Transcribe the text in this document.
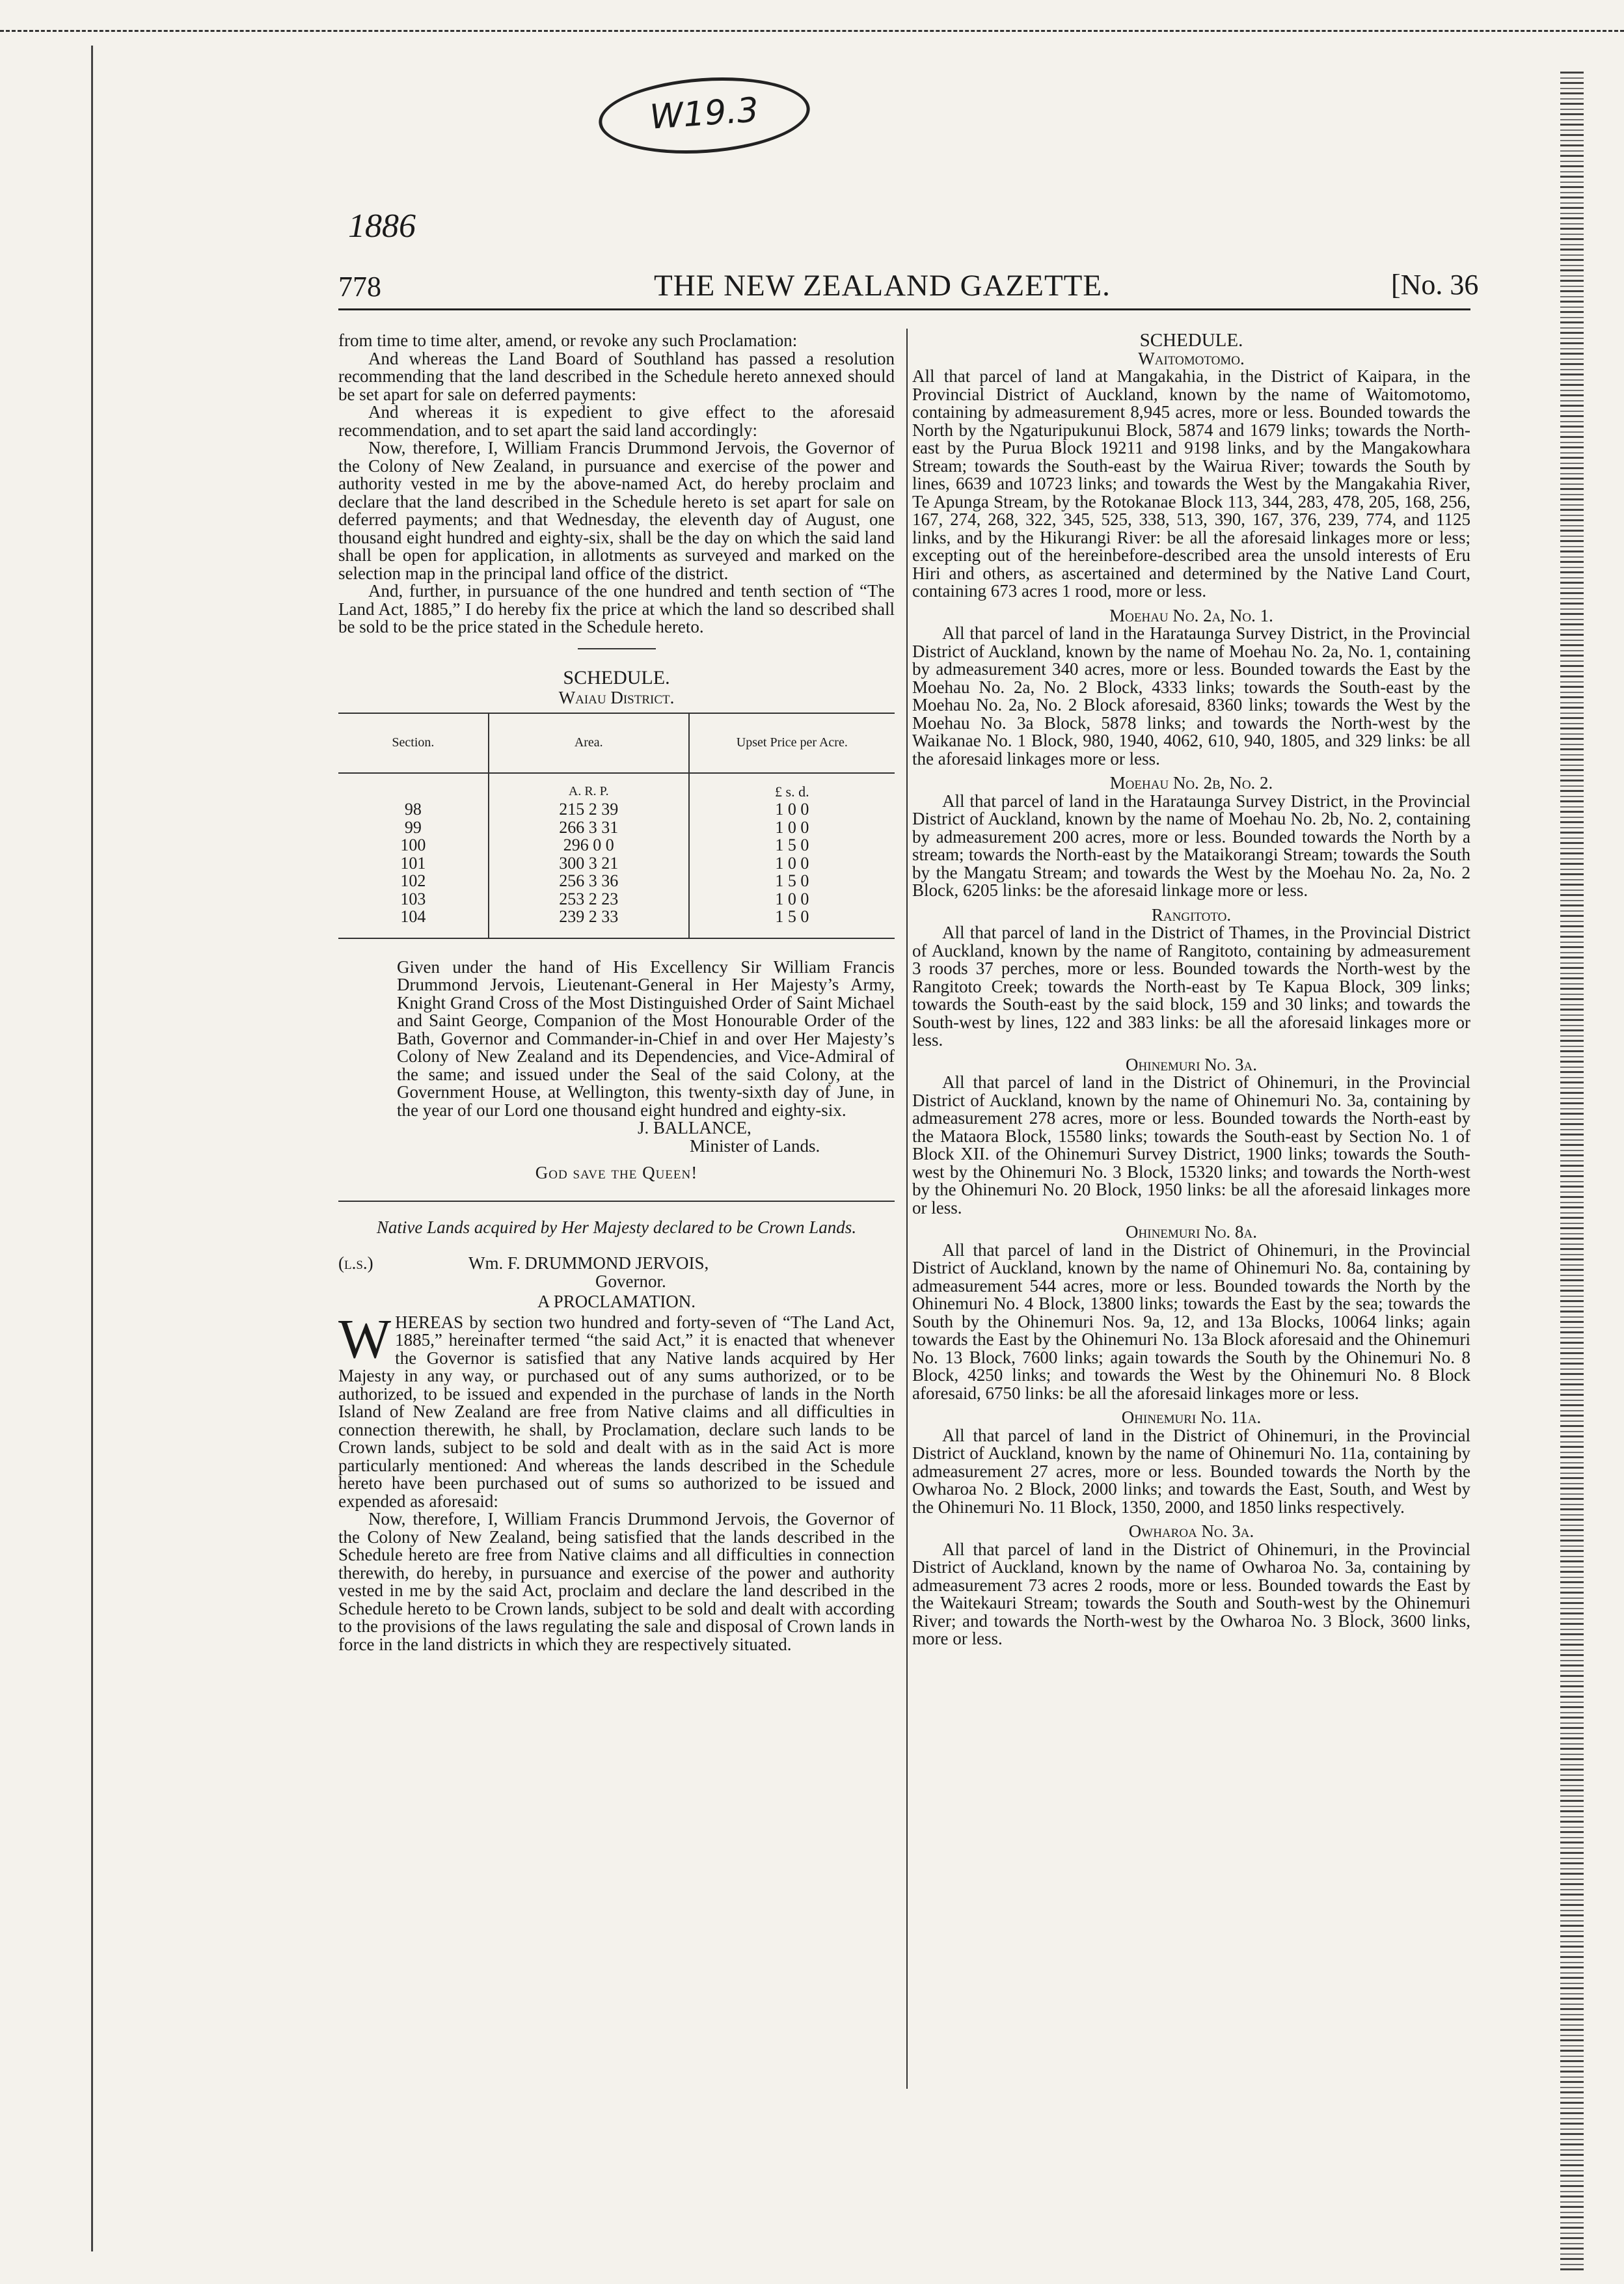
W19.3
1886
778	THE NEW ZEALAND GAZETTE.	[No. 36

from time to time alter, amend, or revoke any such Proclamation:

And whereas the Land Board of Southland has passed a resolution recommending that the land described in the Schedule hereto annexed should be set apart for sale on deferred payments:

And whereas it is expedient to give effect to the aforesaid recommendation, and to set apart the said land accordingly:

Now, therefore, I, William Francis Drummond Jervois, the Governor of the Colony of New Zealand, in pursuance and exercise of the power and authority vested in me by the above-named Act, do hereby proclaim and declare that the land described in the Schedule hereto is set apart for sale on deferred payments; and that Wednesday, the eleventh day of August, one thousand eight hundred and eighty-six, shall be the day on which the said land shall be open for application, in allotments as surveyed and marked on the selection map in the principal land office of the district.

And, further, in pursuance of the one hundred and tenth section of “The Land Act, 1885,” I do hereby fix the price at which the land so described shall be sold to be the price stated in the Schedule hereto.

SCHEDULE.

Waiau District.

Section.	Area.	Upset Price per Acre.
	A. R. P.	£ s. d.
98	215 2 39	1 0 0
99	266 3 31	1 0 0
100	296 0 0	1 5 0
101	300 3 21	1 0 0
102	256 3 36	1 5 0
103	253 2 23	1 0 0
104	239 2 33	1 5 0

Given under the hand of His Excellency Sir William Francis Drummond Jervois, Lieutenant-General in Her Majesty’s Army, Knight Grand Cross of the Most Distinguished Order of Saint Michael and Saint George, Companion of the Most Honourable Order of the Bath, Governor and Commander-in-Chief in and over Her Majesty’s Colony of New Zealand and its Dependencies, and Vice-Admiral of the same; and issued under the Seal of the said Colony, at the Government House, at Wellington, this twenty-sixth day of June, in the year of our Lord one thousand eight hundred and eighty-six.

J. BALLANCE,

Minister of Lands.

God save the Queen!

Native Lands acquired by Her Majesty declared to be Crown Lands.

(l.s.)	Wm. F. DRUMMOND JERVOIS,

Governor.

A PROCLAMATION.

WHEREAS by section two hundred and forty-seven of “The Land Act, 1885,” hereinafter termed “the said Act,” it is enacted that whenever the Governor is satisfied that any Native lands acquired by Her Majesty in any way, or purchased out of any sums authorized, or to be authorized, to be issued and expended in the purchase of lands in the North Island of New Zealand are free from Native claims and all difficulties in connection therewith, he shall, by Proclamation, declare such lands to be Crown lands, subject to be sold and dealt with as in the said Act is more particularly mentioned: And whereas the lands described in the Schedule hereto have been purchased out of sums so authorized to be issued and expended as aforesaid:

Now, therefore, I, William Francis Drummond Jervois, the Governor of the Colony of New Zealand, being satisfied that the lands described in the Schedule hereto are free from Native claims and all difficulties in connection therewith, do hereby, in pursuance and exercise of the power and authority vested in me by the said Act, proclaim and declare the land described in the Schedule hereto to be Crown lands, subject to be sold and dealt with according to the provisions of the laws regulating the sale and disposal of Crown lands in force in the land districts in which they are respectively situated.

SCHEDULE.

Waitomotomo.

All that parcel of land at Mangakahia, in the District of Kaipara, in the Provincial District of Auckland, known by the name of Waitomotomo, containing by admeasurement 8,945 acres, more or less. Bounded towards the North by the Ngaturipukunui Block, 5874 and 1679 links; towards the North-east by the Purua Block 19211 and 9198 links, and by the Mangakowhara Stream; towards the South-east by the Wairua River; towards the South by lines, 6639 and 10723 links; and towards the West by the Mangakahia River, Te Apunga Stream, by the Rotokanae Block 113, 344, 283, 478, 205, 168, 256, 167, 274, 268, 322, 345, 525, 338, 513, 390, 167, 376, 239, 774, and 1125 links, and by the Hikurangi River: be all the aforesaid linkages more or less; excepting out of the hereinbefore-described area the unsold interests of Eru Hiri and others, as ascertained and determined by the Native Land Court, containing 673 acres 1 rood, more or less.

Moehau No. 2a, No. 1.

All that parcel of land in the Harataunga Survey District, in the Provincial District of Auckland, known by the name of Moehau No. 2a, No. 1, containing by admeasurement 340 acres, more or less. Bounded towards the East by the Moehau No. 2a, No. 2 Block, 4333 links; towards the South-east by the Moehau No. 2a, No. 2 Block aforesaid, 8360 links; towards the West by the Moehau No. 3a Block, 5878 links; and towards the North-west by the Waikanae No. 1 Block, 980, 1940, 4062, 610, 940, 1805, and 329 links: be all the aforesaid linkages more or less.

Moehau No. 2b, No. 2.

All that parcel of land in the Harataunga Survey District, in the Provincial District of Auckland, known by the name of Moehau No. 2b, No. 2, containing by admeasurement 200 acres, more or less. Bounded towards the North by a stream; towards the North-east by the Mataikorangi Stream; towards the South by the Mangatu Stream; and towards the West by the Moehau No. 2a, No. 2 Block, 6205 links: be the aforesaid linkage more or less.

Rangitoto.

All that parcel of land in the District of Thames, in the Provincial District of Auckland, known by the name of Rangitoto, containing by admeasurement 3 roods 37 perches, more or less. Bounded towards the North-west by the Rangitoto Creek; towards the North-east by Te Kapua Block, 309 links; towards the South-east by the said block, 159 and 30 links; and towards the South-west by lines, 122 and 383 links: be all the aforesaid linkages more or less.

Ohinemuri No. 3a.

All that parcel of land in the District of Ohinemuri, in the Provincial District of Auckland, known by the name of Ohinemuri No. 3a, containing by admeasurement 278 acres, more or less. Bounded towards the North-east by the Mataora Block, 15580 links; towards the South-east by Section No. 1 of Block XII. of the Ohinemuri Survey District, 1900 links; towards the South-west by the Ohinemuri No. 3 Block, 15320 links; and towards the North-west by the Ohinemuri No. 20 Block, 1950 links: be all the aforesaid linkages more or less.

Ohinemuri No. 8a.

All that parcel of land in the District of Ohinemuri, in the Provincial District of Auckland, known by the name of Ohinemuri No. 8a, containing by admeasurement 544 acres, more or less. Bounded towards the North by the Ohinemuri No. 4 Block, 13800 links; towards the East by the sea; towards the South by the Ohinemuri Nos. 9a, 12, and 13a Blocks, 10064 links; again towards the East by the Ohinemuri No. 13a Block aforesaid and the Ohinemuri No. 13 Block, 7600 links; again towards the South by the Ohinemuri No. 8 Block, 4250 links; and towards the West by the Ohinemuri No. 8 Block aforesaid, 6750 links: be all the aforesaid linkages more or less.

Ohinemuri No. 11a.

All that parcel of land in the District of Ohinemuri, in the Provincial District of Auckland, known by the name of Ohinemuri No. 11a, containing by admeasurement 27 acres, more or less. Bounded towards the North by the Owharoa No. 2 Block, 2000 links; and towards the East, South, and West by the Ohinemuri No. 11 Block, 1350, 2000, and 1850 links respectively.

Owharoa No. 3a.

All that parcel of land in the District of Ohinemuri, in the Provincial District of Auckland, known by the name of Owharoa No. 3a, containing by admeasurement 73 acres 2 roods, more or less. Bounded towards the East by the Waitekauri Stream; towards the South and South-west by the Ohinemuri River; and towards the North-west by the Owharoa No. 3 Block, 3600 links, more or less.
